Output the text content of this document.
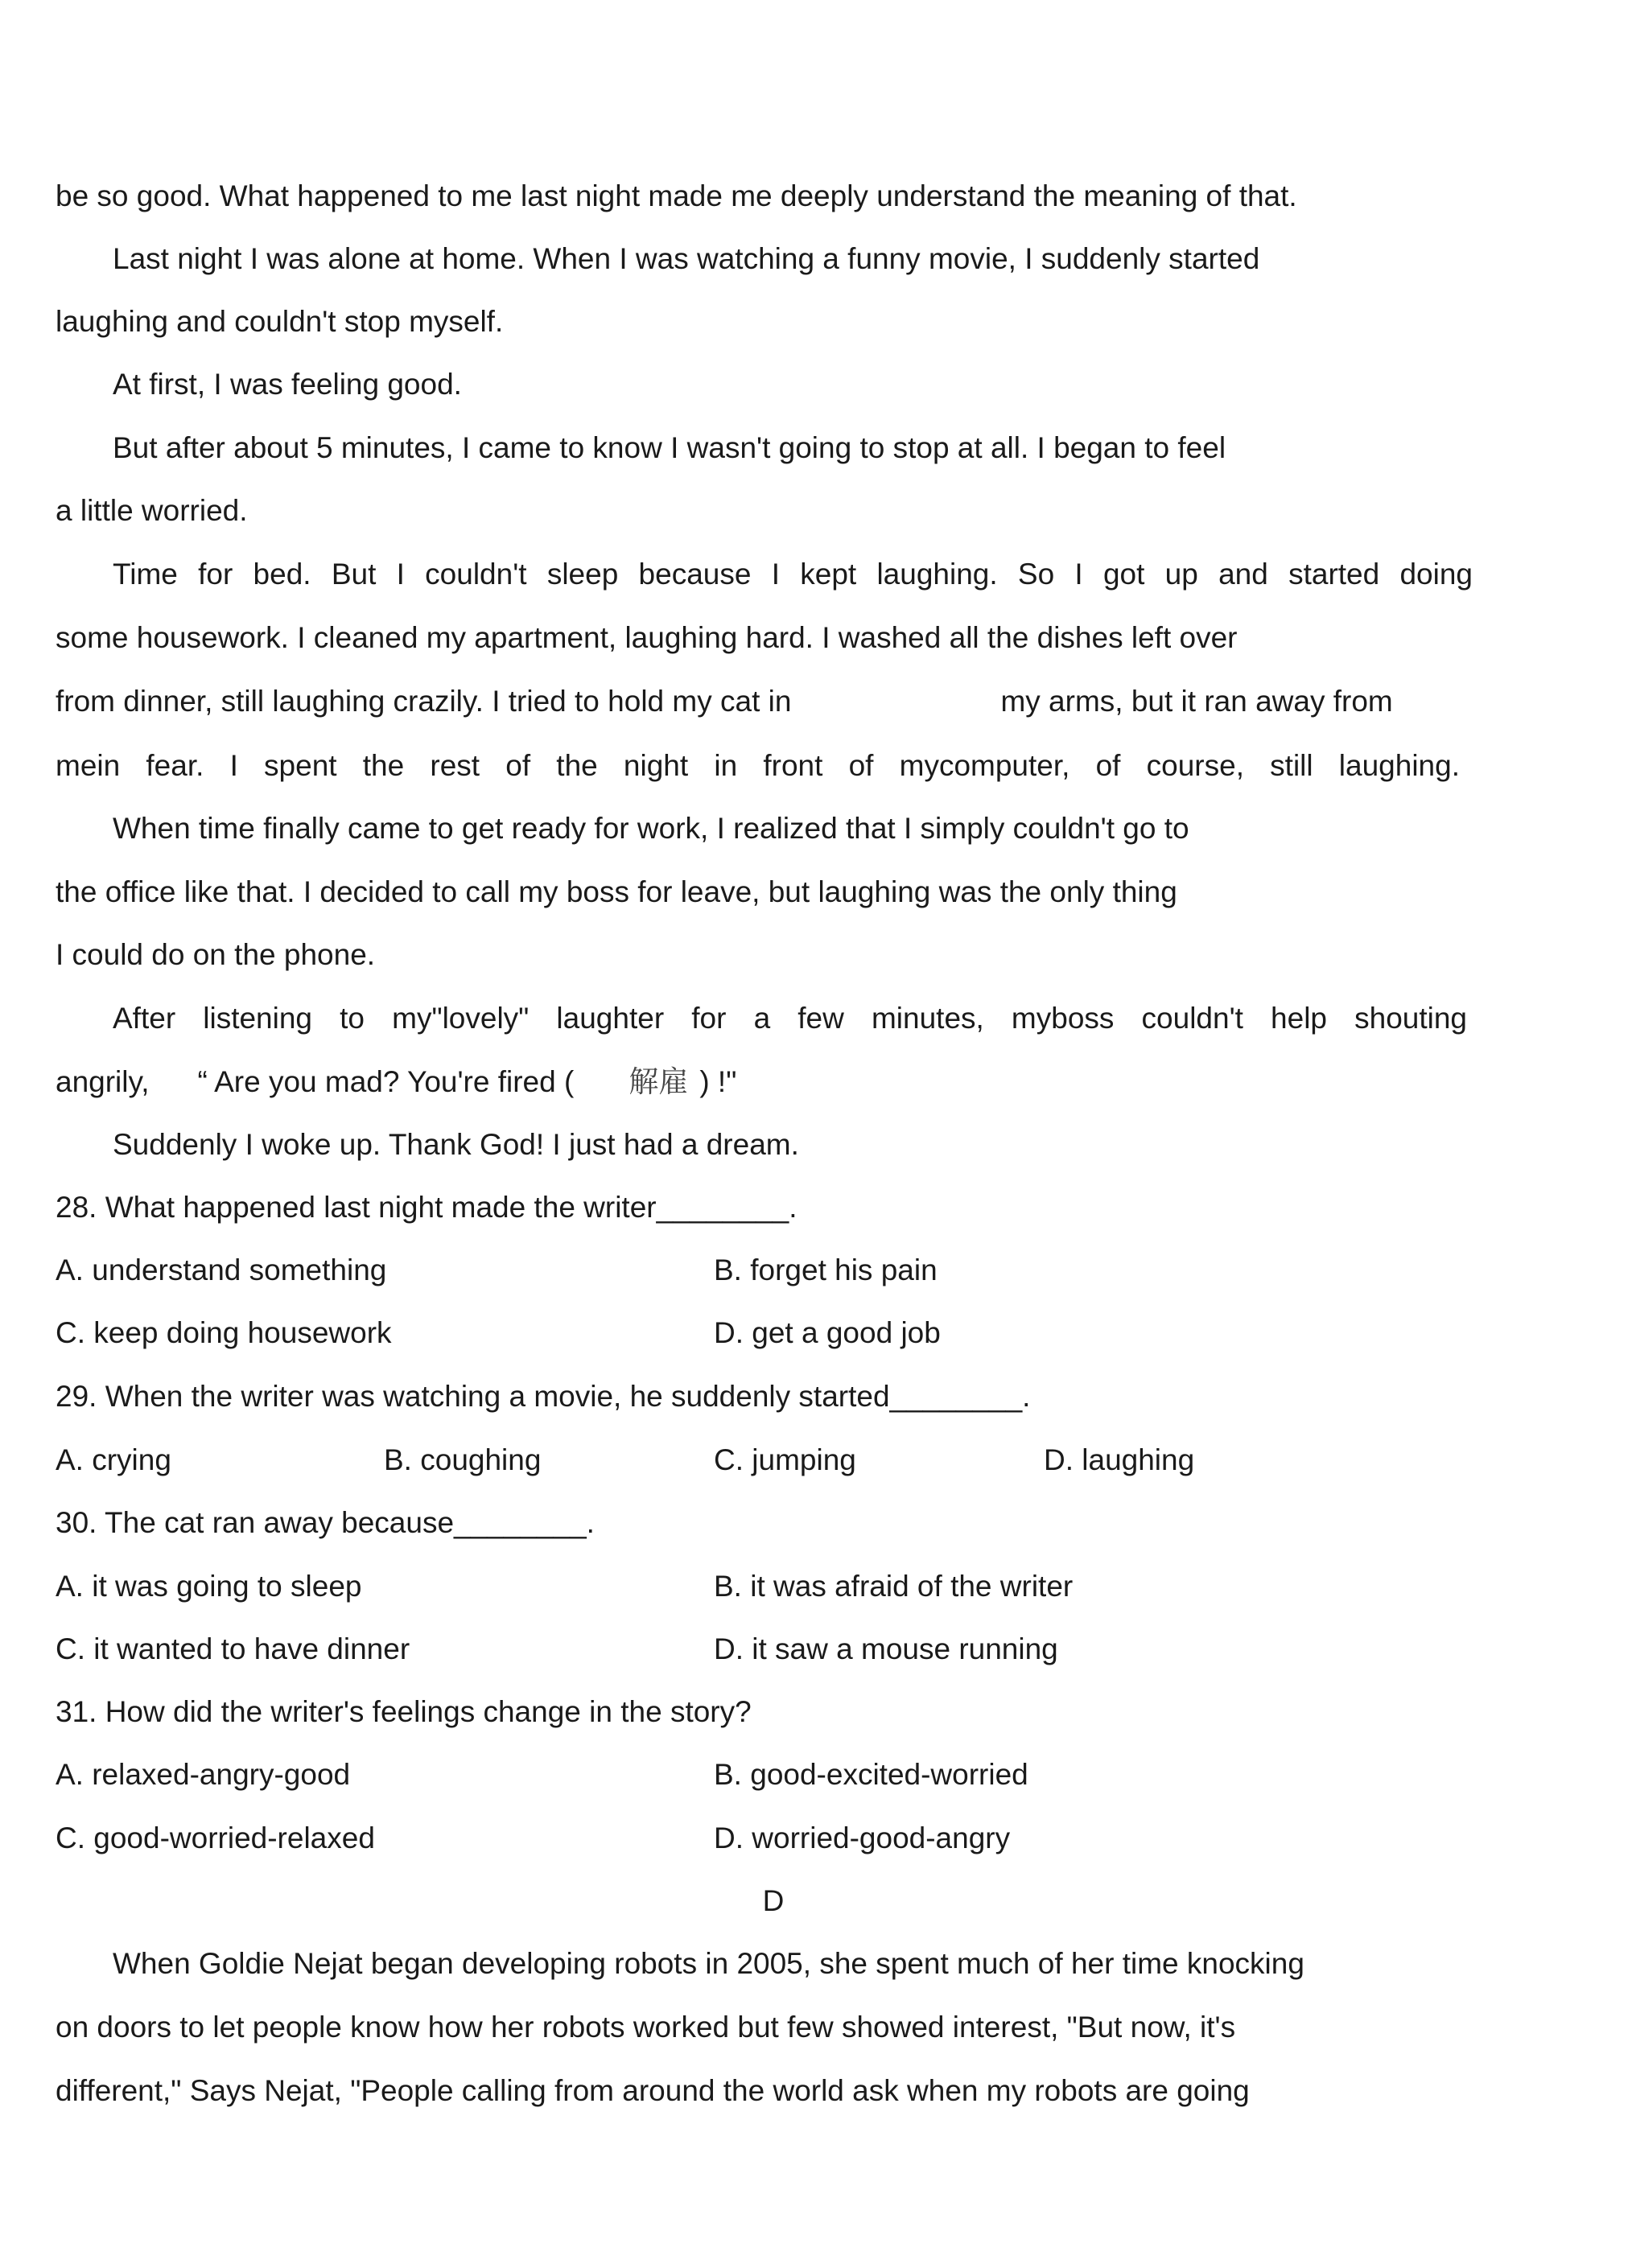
be so good. What happened to me last night made me deeply understand the meaning of that.

Last night I was alone at home. When I was watching a funny movie, I suddenly started

laughing and couldn't stop myself.

At first, I was feeling good.

But after about 5 minutes, I came to know I wasn't going to stop at all. I began to feel

a little worried.

Time for bed. But I couldn't sleep because I kept laughing. So I got up and started doing

some housework. I cleaned my apartment, laughing hard. I washed all the dishes left over

from dinner, still laughing crazily. I tried to hold my cat in	my arms, but it ran away from

mein fear. I spent the rest of the night in front of mycomputer, of course, still laughing.

When time finally came to get ready for work, I realized that I simply couldn't go to

the office like that. I decided to call my boss for leave, but laughing was the only thing

I could do on the phone.

After listening to my"lovely" laughter for a few minutes, myboss couldn't help shouting

angrily, “ Are you mad? You're fired ( 解雇 ) !"

Suddenly I woke up. Thank God! I just had a dream.

28. What happened last night made the writer________.

A. understand something	B. forget his pain
C. keep doing housework	D. get a good job

29. When the writer was watching a movie, he suddenly started________.

A. crying	B. coughing	C. jumping	D. laughing

30. The cat ran away because________.

A. it was going to sleep	B. it was afraid of the writer
C. it wanted to have dinner	D. it saw a mouse running

31. How did the writer's feelings change in the story?

A. relaxed-angry-good	B. good-excited-worried
C. good-worried-relaxed	D. worried-good-angry
D

When Goldie Nejat began developing robots in 2005, she spent much of her time knocking

on doors to let people know how her robots worked but few showed interest, "But now, it's

different," Says Nejat, "People calling from around the world ask when my robots are going
